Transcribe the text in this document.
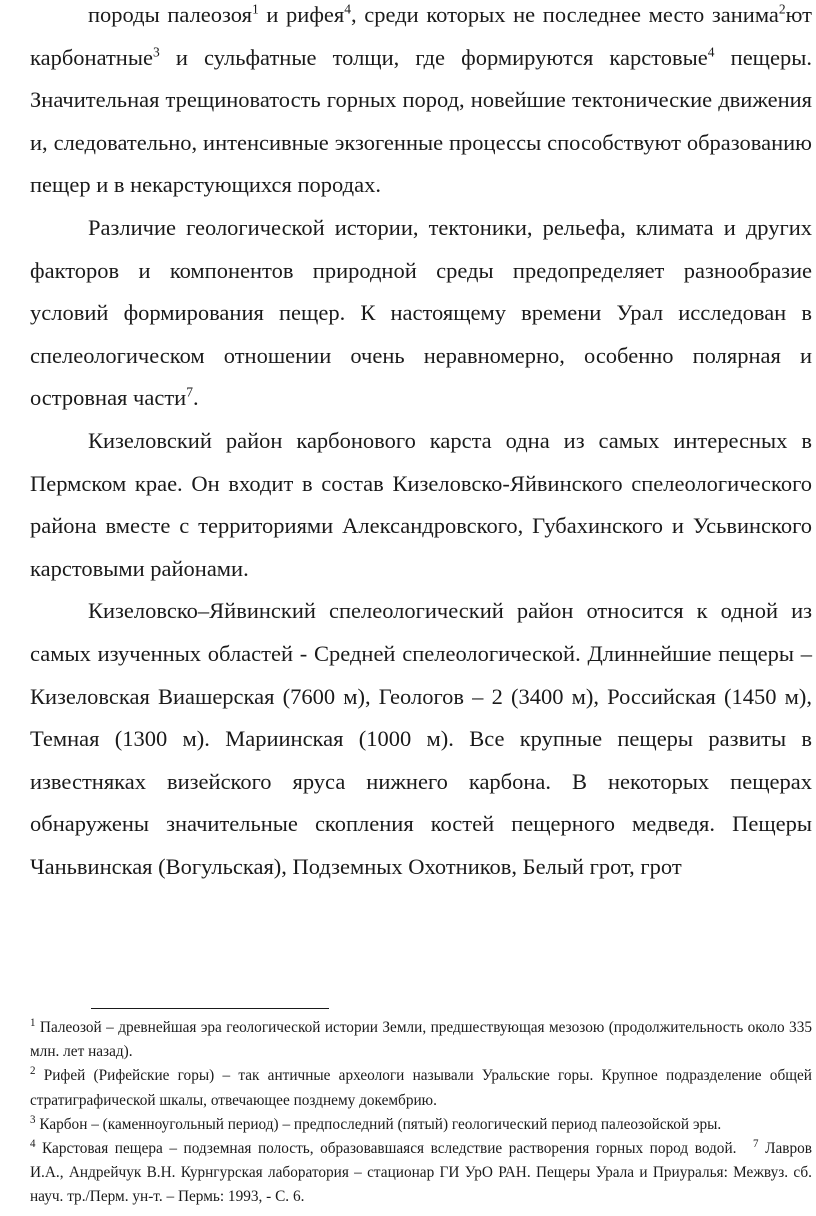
породы палеозоя$^1$ и рифея$^4$, среди которых не последнее место занима$^2$ют карбонатные$^3$ и сульфатные толщи, где формируются карстовые$^4$ пещеры. Значительная трещиноватость горных пород, новейшие тектонические движения и, следовательно, интенсивные экзогенные процессы способствуют образованию пещер и в некарстующихся породах.

Различие геологической истории, тектоники, рельефа, климата и других факторов и компонентов природной среды предопределяет разнообразие условий формирования пещер. К настоящему времени Урал исследован в спелеологическом отношении очень неравномерно, особенно полярная и островная части$^7$.

Кизеловский район карбонового карста одна из самых интересных в Пермском крае. Он входит в состав Кизеловско-Яйвинского спелеологического района вместе с территориями Александровского, Губахинского и Усьвинского карстовыми районами.

Кизеловско–Яйвинский спелеологический район относится к одной из самых изученных областей - Средней спелеологической. Длиннейшие пещеры – Кизеловская Виашерская (7600 м), Геологов – 2 (3400 м), Российская (1450 м), Темная (1300 м). Мариинская (1000 м). Все крупные пещеры развиты в известняках визейского яруса нижнего карбона. В некоторых пещерах обнаружены значительные скопления костей пещерного медведя. Пещеры Чаньвинская (Вогульская), Подземных Охотников, Белый грот, грот

$^1$ Палеозой – древнейшая эра геологической истории Земли, предшествующая мезозою (продолжительность около 335 млн. лет назад).

$^2$ Рифей (Рифейские горы) – так античные археологи называли Уральские горы. Крупное подразделение общей стратиграфической шкалы, отвечающее позднему докембрию.

$^3$ Карбон – (каменноугольный период) – предпоследний (пятый) геологический период палеозойской эры.

$^4$ Карстовая пещера – подземная полость, образовавшаяся вследствие растворения горных пород водой. $^7$ Лавров И.А., Андрейчук В.Н. Курнгурская лаборатория – стационар ГИ УрО РАН. Пещеры Урала и Приуралья: Межвуз. сб. науч. тр./Перм. ун-т. – Пермь: 1993, - С. 6.
